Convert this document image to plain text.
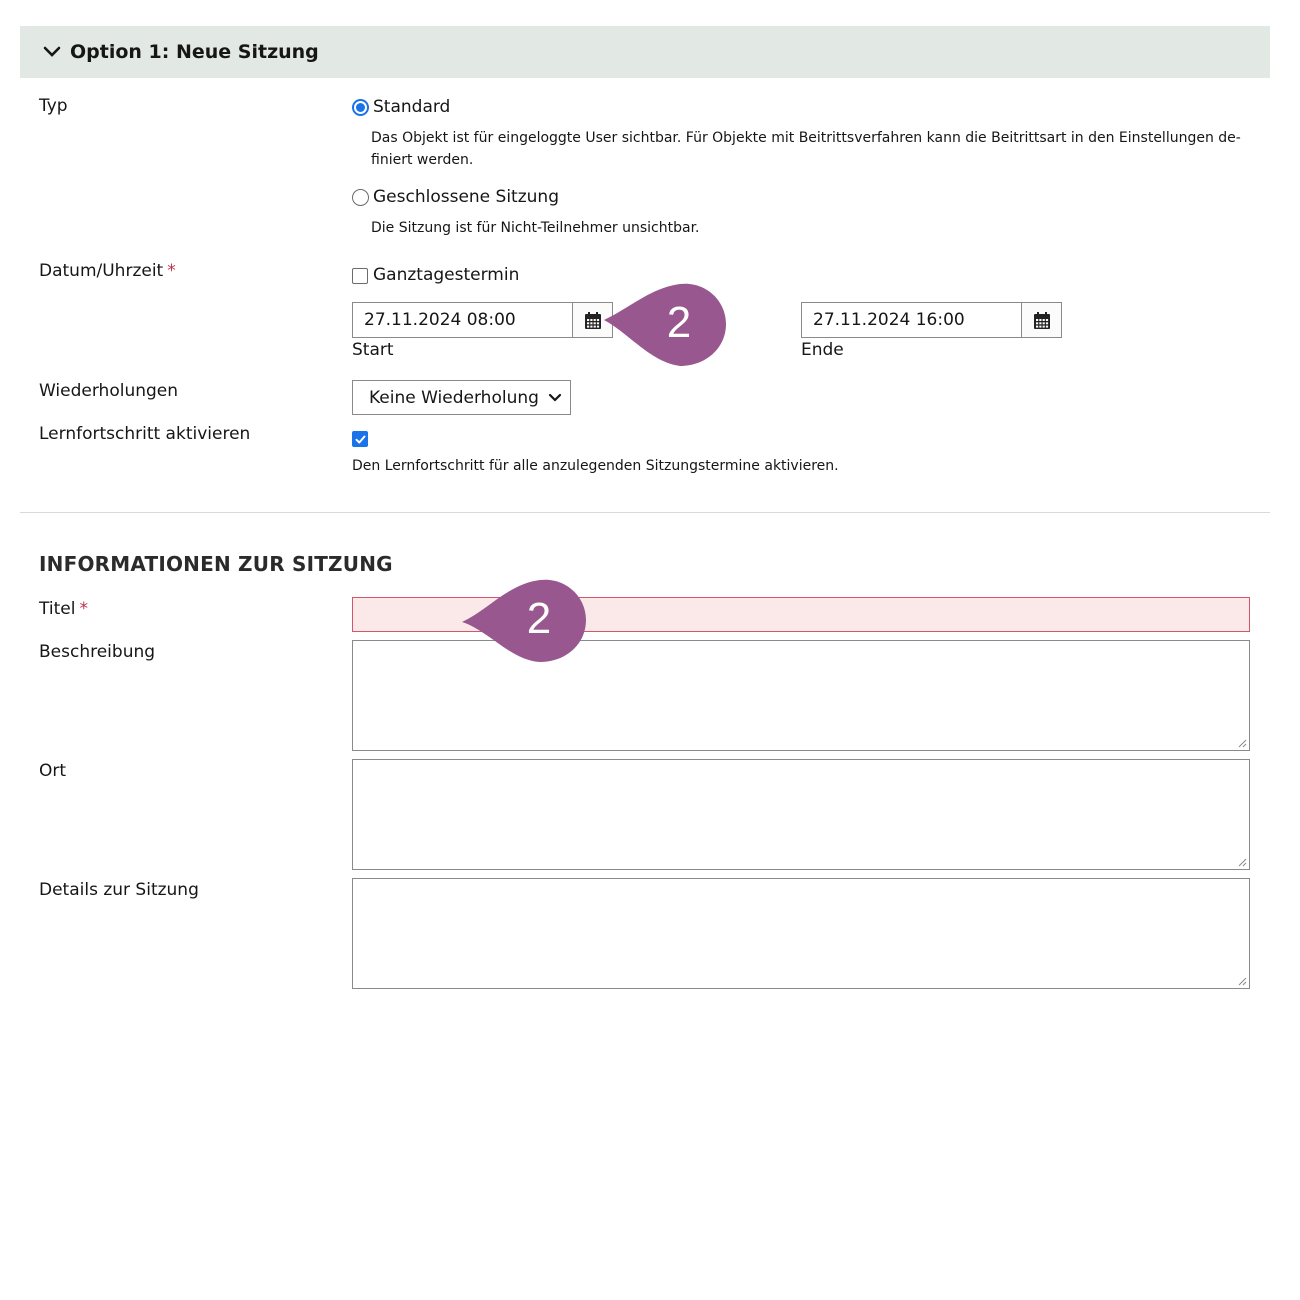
Option 1: Neue Sitzung
Typ	Standard
Das Objekt ist für eingeloggte User sichtbar. Für Objekte mit Beitrittsverfahren kann die Beitrittsart in den Einstellungen de-
finiert werden.
Geschlossene Sitzung
Die Sitzung ist für Nicht-Teilnehmer unsichtbar.
Datum/Uhrzeit *	Ganztagestermin
27.11.2024 08:00
Start
27.11.2024 16:00
Ende
Wiederholungen	Keine Wiederholung
Lernfortschritt aktivieren
Den Lernfortschritt für alle anzulegenden Sitzungstermine aktivieren.
INFORMATIONEN ZUR SITZUNG
Titel *
Beschreibung
Ort
Details zur Sitzung
2
2
